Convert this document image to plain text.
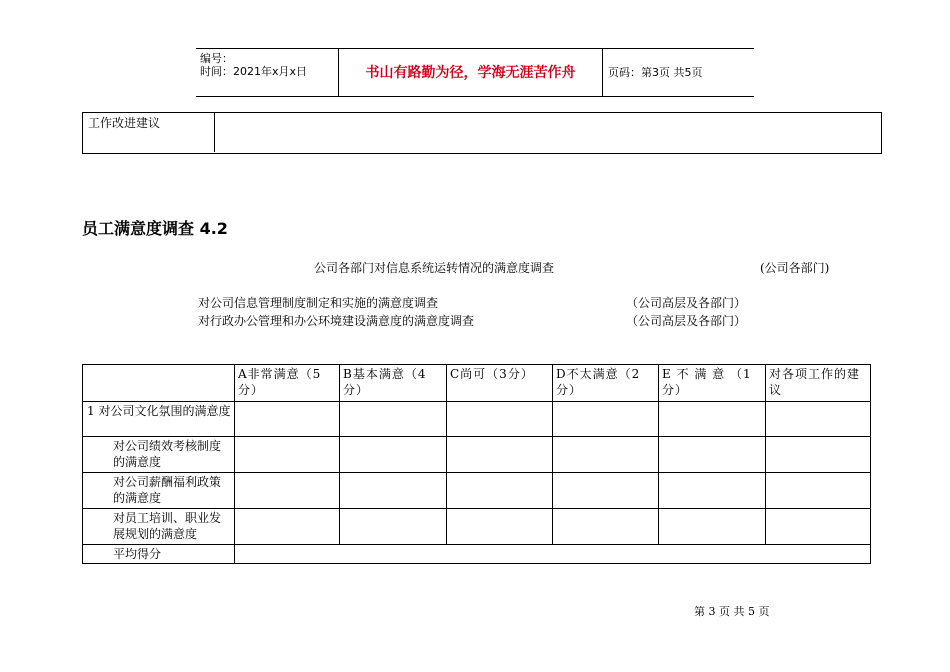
编号：
时间：2021年x月x日	书山有路勤为径，学海无涯苦作舟	页码：第3页 共5页
工作改进建议
员工满意度调查 4.2
公司各部门对信息系统运转情况的满意度调查	(公司各部门)
对公司信息管理制度制定和实施的满意度调查	（公司高层及各部门）
对行政办公管理和办公环境建设满意度的满意度调查	（公司高层及各部门）
	A非常满意（5分）	B基本满意（4分）	C尚可（3分）	D不太满意（2分）	E 不 满 意 （1分）	对各项工作的建议
1 对公司文化氛围的满意度						
对公司绩效考核制度的满意度						
对公司薪酬福利政策的满意度						
对员工培训、职业发展规划的满意度						
平均得分						
第 3 页 共 5 页
